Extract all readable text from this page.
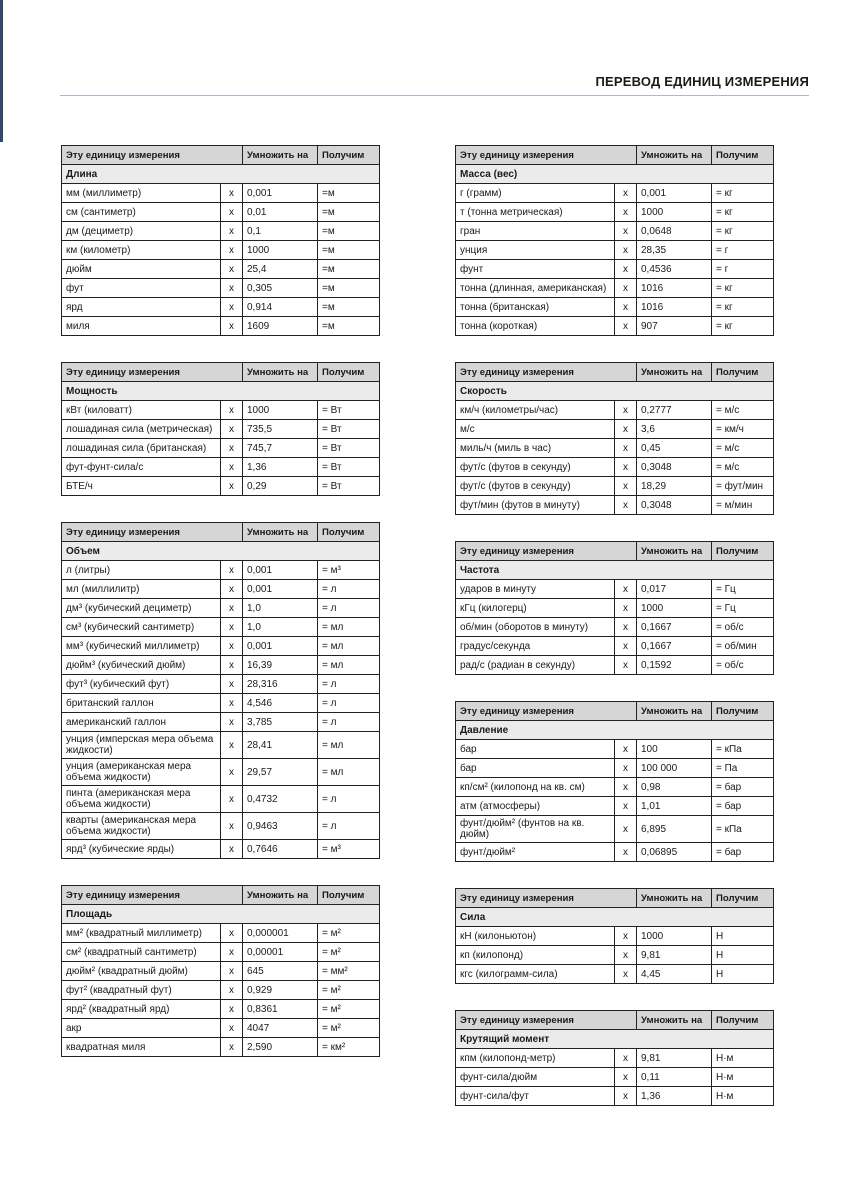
ПЕРЕВОД ЕДИНИЦ ИЗМЕРЕНИЯ
Эту единицу измерения		Умножить на	Получим
Длина			
мм (миллиметр)	x	0,001	=м
см (сантиметр)	x	0,01	=м
дм (дециметр)	x	0,1	=м
км (километр)	x	1000	=м
дюйм	x	25,4	=м
фут	x	0,305	=м
ярд	x	0,914	=м
миля	x	1609	=м
Эту единицу измерения		Умножить на	Получим
Мощность			
кВт (киловатт)	x	1000	= Вт
лошадиная сила (метрическая)	x	735,5	= Вт
лошадиная сила (британская)	x	745,7	= Вт
фут-фунт-сила/с	x	1,36	= Вт
БТЕ/ч	x	0,29	= Вт
Эту единицу измерения		Умножить на	Получим
Объем			
л (литры)	x	0,001	= м³
мл (миллилитр)	x	0,001	= л
дм³ (кубический дециметр)	x	1,0	= л
см³ (кубический сантиметр)	x	1,0	= мл
мм³ (кубический миллиметр)	x	0,001	= мл
дюйм³ (кубический дюйм)	x	16,39	= мл
фут³ (кубический фут)	x	28,316	= л
британский галлон	x	4,546	= л
американский галлон	x	3,785	= л
унция (имперская мера объема жидкости)	x	28,41	= мл
унция (американская мера объема жидкости)	x	29,57	= мл
пинта (американская мера объема жидкости)	x	0,4732	= л
кварты (американская мера объема жидкости)	x	0,9463	= л
ярд³ (кубические ярды)	x	0,7646	= м³
Эту единицу измерения		Умножить на	Получим
Площадь			
мм² (квадратный миллиметр)	x	0,000001	= м²
см² (квадратный сантиметр)	x	0,00001	= м²
дюйм² (квадратный дюйм)	x	645	= мм²
фут² (квадратный фут)	x	0,929	= м²
ярд² (квадратный ярд)	x	0,8361	= м²
акр	x	4047	= м²
квадратная миля	x	2,590	= км²
Эту единицу измерения		Умножить на	Получим
Масса (вес)			
г (грамм)	x	0,001	= кг
т (тонна метрическая)	x	1000	= кг
гран	x	0,0648	= кг
унция	x	28,35	= г
фунт	x	0,4536	= г
тонна (длинная, американская)	x	1016	= кг
тонна (британская)	x	1016	= кг
тонна (короткая)	x	907	= кг
Эту единицу измерения		Умножить на	Получим
Скорость			
км/ч (километры/час)	x	0,2777	= м/с
м/с	x	3,6	= км/ч
миль/ч (миль в час)	x	0,45	= м/с
фут/с (футов в секунду)	x	0,3048	= м/с
фут/с (футов в секунду)	x	18,29	= фут/мин
фут/мин (футов в минуту)	x	0,3048	= м/мин
Эту единицу измерения		Умножить на	Получим
Частота			
ударов в минуту	x	0,017	= Гц
кГц (килогерц)	x	1000	= Гц
об/мин (оборотов в минуту)	x	0,1667	= об/с
градус/секунда	x	0,1667	= об/мин
рад/с (радиан в секунду)	x	0,1592	= об/с
Эту единицу измерения		Умножить на	Получим
Давление			
бар	x	100	= кПа
бар	x	100 000	= Па
кп/см² (килопонд на кв. см)	x	0,98	= бар
атм (атмосферы)	x	1,01	= бар
фунт/дюйм² (фунтов на кв. дюйм)	x	6,895	= кПа
фунт/дюйм²	x	0,06895	= бар
Эту единицу измерения		Умножить на	Получим
Сила			
кН (килоньютон)	x	1000	Н
кп (килопонд)	x	9,81	Н
кгс (килограмм-сила)	x	4,45	Н
Эту единицу измерения		Умножить на	Получим
Крутящий момент			
кпм (килопонд-метр)	x	9,81	Н·м
фунт-сила/дюйм	x	0,11	Н·м
фунт-сила/фут	x	1,36	Н·м
